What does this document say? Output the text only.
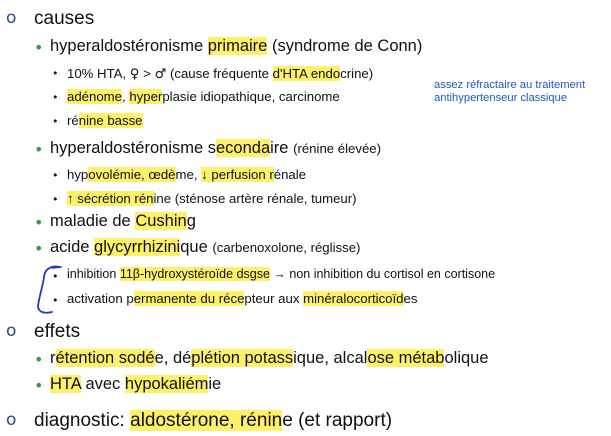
o causes
• hyperaldostéronisme primaire (syndrome de Conn)
• 10% HTA, ♀ > ♂ (cause fréquente d'HTA endocrine)
assez réfractaire au traitement
antihypertenseur classique
• adénome, hyperplasie idiopathique, carcinome
• rénine basse
• hyperaldostéronisme secondaire (rénine élevée)
• hypovolémie, œdème, ↓ perfusion rénale
• ↑ sécrétion rénine (sténose artère rénale, tumeur)
• maladie de Cushing
• acide glycyrrhizinique (carbenoxolone, réglisse)
• inhibition 11β-hydroxystéroïde dsgse → non inhibition du cortisol en cortisone
• activation permanente du récepteur aux minéralocorticoïdes
o effets
• rétention sodée, déplétion potassique, alcalose métabolique
• HTA avec hypokaliémie
o diagnostic: aldostérone, rénine (et rapport)
